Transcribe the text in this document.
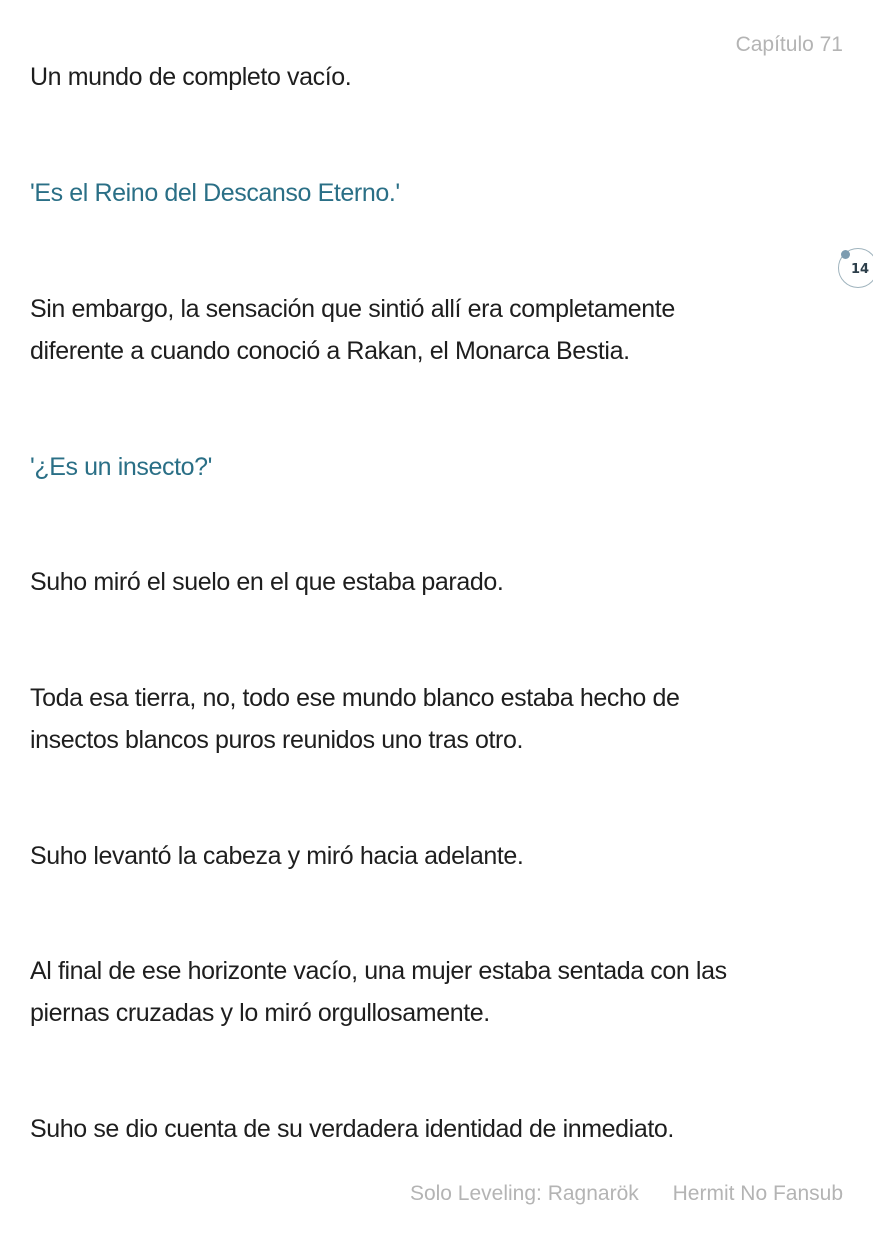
Capítulo 71
14
Un mundo de completo vacío.
'Es el Reino del Descanso Eterno.'
Sin embargo, la sensación que sintió allí era completamente
diferente a cuando conoció a Rakan, el Monarca Bestia.
'¿Es un insecto?'
Suho miró el suelo en el que estaba parado.
Toda esa tierra, no, todo ese mundo blanco estaba hecho de
insectos blancos puros reunidos uno tras otro.
Suho levantó la cabeza y miró hacia adelante.
Al final de ese horizonte vacío, una mujer estaba sentada con las
piernas cruzadas y lo miró orgullosamente.
Suho se dio cuenta de su verdadera identidad de inmediato.
Solo Leveling: Ragnarök Hermit No Fansub
